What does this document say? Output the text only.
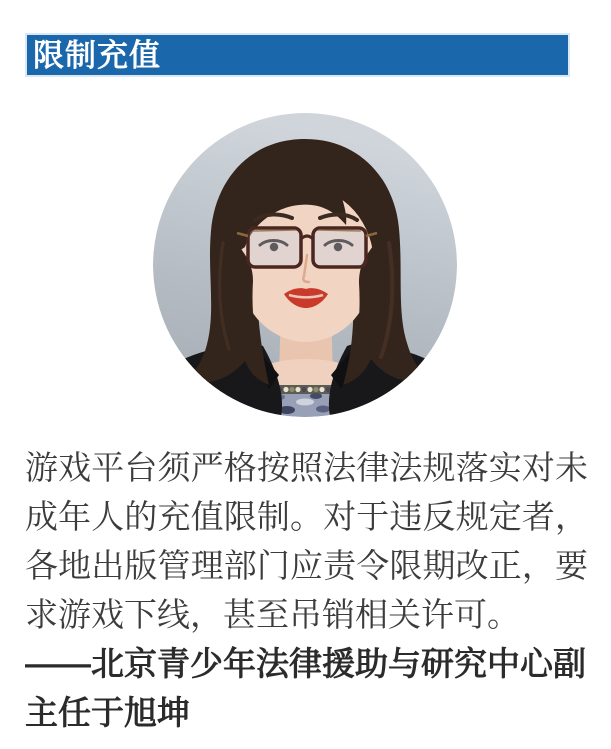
限制充值

游戏平台须严格按照法律法规落实对未成年人的充值限制。对于违反规定者，各地出版管理部门应责令限期改正，要求游戏下线，甚至吊销相关许可。

——北京青少年法律援助与研究中心副主任于旭坤
